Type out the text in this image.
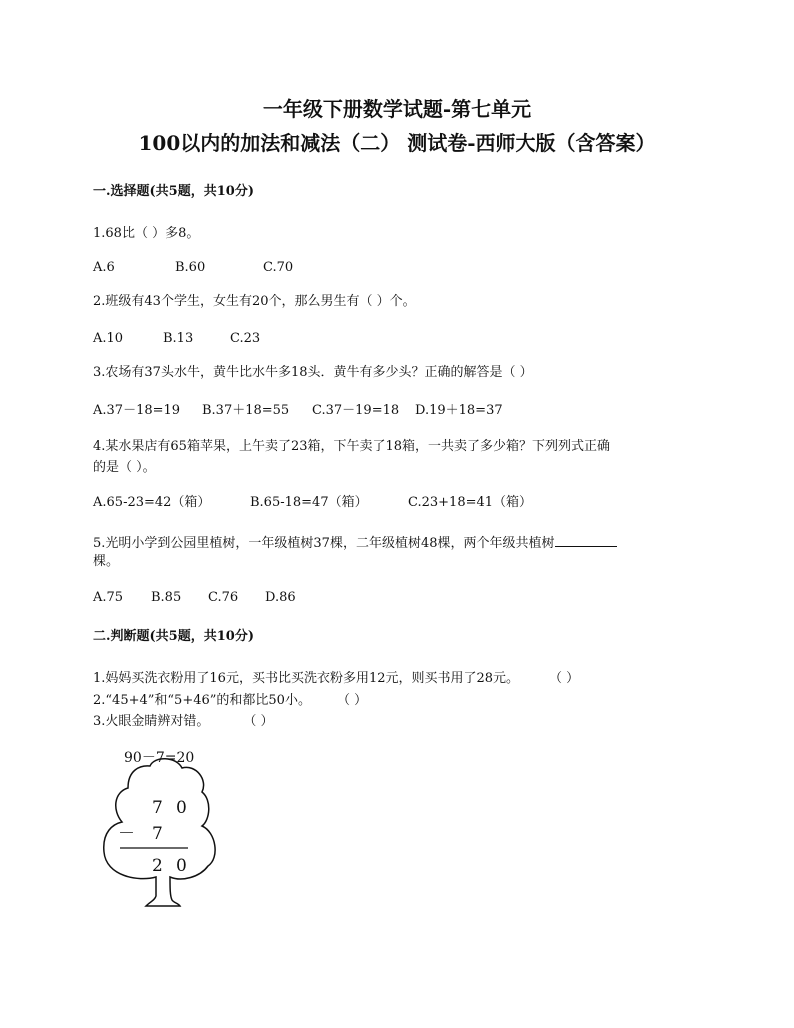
一年级下册数学试题-第七单元
100以内的加法和减法（二） 测试卷-西师大版（含答案）
一.选择题(共5题，共10分)
1.68比（ ）多8。
A.6	B.60	C.70
2.班级有43个学生，女生有20个，那么男生有（ ）个。
A.10	B.13	C.23
3.农场有37头水牛，黄牛比水牛多18头．黄牛有多少头？正确的解答是（ ）
A.37－18=19 B.37＋18=55 C.37－19=18 D.19＋18=37
4.某水果店有65箱苹果，上午卖了23箱，下午卖了18箱，一共卖了多少箱？下列列式正确
的是（ ）。
A.65-23=42（箱）	B.65-18=47（箱）	C.23+18=41（箱）
5.光明小学到公园里植树，一年级植树37棵，二年级植树48棵，两个年级共植树
棵。
A.75 B.85 C.76 D.86
二.判断题(共5题，共10分)
1.妈妈买洗衣粉用了16元，买书比买洗衣粉多用12元，则买书用了28元。 （ ）
2.“45+4”和“5+46”的和都比50小。 （ ）
3.火眼金睛辨对错。	（ ）
90－7=20
7 0
－ 7
2 0
